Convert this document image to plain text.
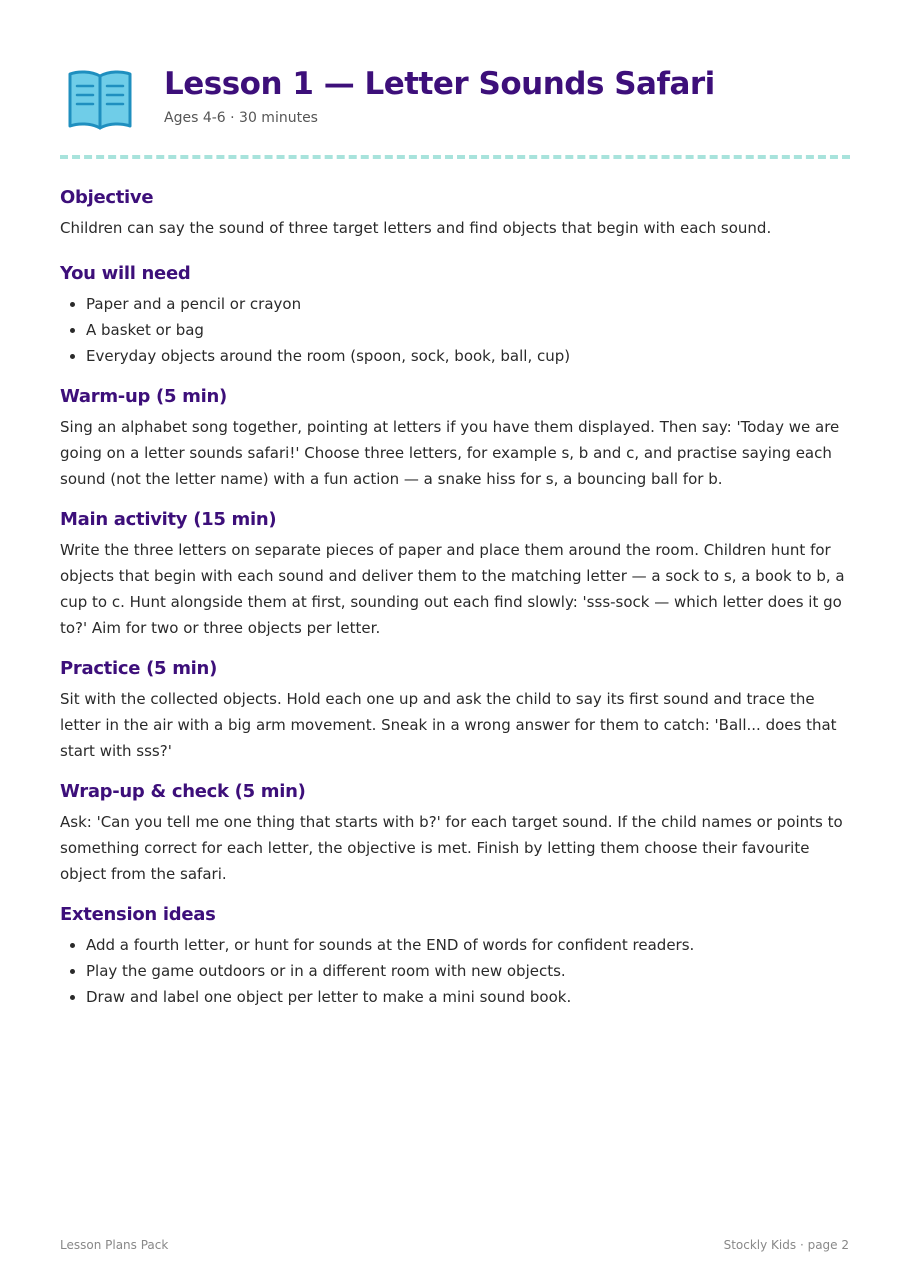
Lesson 1 — Letter Sounds Safari
Ages 4-6 · 30 minutes
Objective

Children can say the sound of three target letters and find objects that begin with each sound.

You will need
• Paper and a pencil or crayon
• A basket or bag
• Everyday objects around the room (spoon, sock, book, ball, cup)
Warm-up (5 min)

Sing an alphabet song together, pointing at letters if you have them displayed. Then say: 'Today we are going on a letter sounds safari!' Choose three letters, for example s, b and c, and practise saying each sound (not the letter name) with a fun action — a snake hiss for s, a bouncing ball for b.

Main activity (15 min)

Write the three letters on separate pieces of paper and place them around the room. Children hunt for objects that begin with each sound and deliver them to the matching letter — a sock to s, a book to b, a cup to c. Hunt alongside them at first, sounding out each find slowly: 'sss-sock — which letter does it go to?' Aim for two or three objects per letter.

Practice (5 min)

Sit with the collected objects. Hold each one up and ask the child to say its first sound and trace the letter in the air with a big arm movement. Sneak in a wrong answer for them to catch: 'Ball... does that start with sss?'

Wrap-up & check (5 min)

Ask: 'Can you tell me one thing that starts with b?' for each target sound. If the child names or points to something correct for each letter, the objective is met. Finish by letting them choose their favourite object from the safari.

Extension ideas
• Add a fourth letter, or hunt for sounds at the END of words for confident readers.
• Play the game outdoors or in a different room with new objects.
• Draw and label one object per letter to make a mini sound book.
Lesson Plans Pack	Stockly Kids · page 2
